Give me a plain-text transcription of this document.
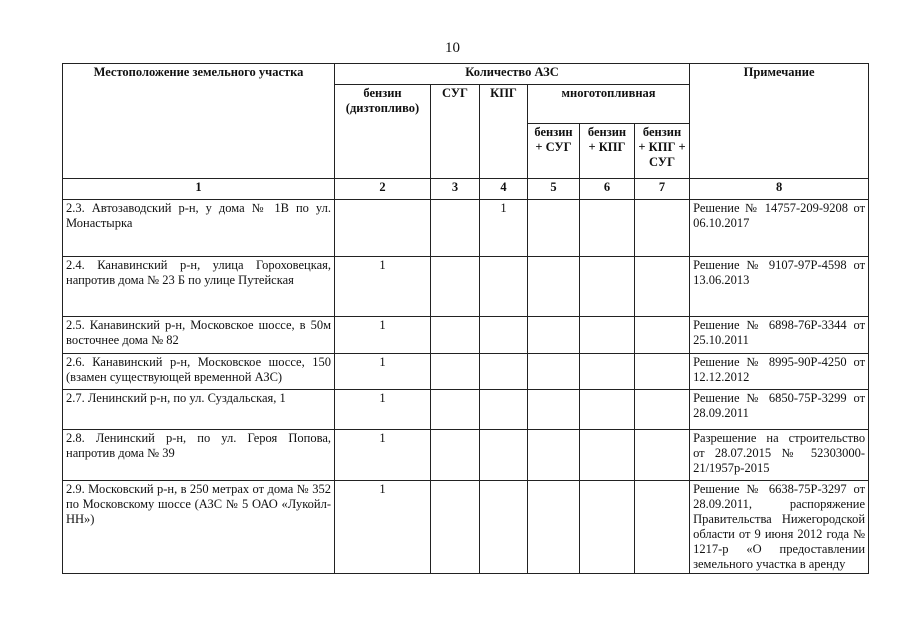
10
Местоположение земельного участка	Количество АЗС						Примечание
	бензин (дизтопливо)	СУГ	КПГ	многотопливная			
				бензин + СУГ	бензин + КПГ	бензин + КПГ + СУГ	
1	2	3	4	5	6	7	8
2.3. Автозаводский р-н, у дома № 1В по ул. Монастырка			1				Решение № 14757-209-9208 от 06.10.2017
2.4. Канавинский р-н, улица Гороховецкая, напротив дома № 23 Б по улице Путейская	1						Решение № 9107-97Р-4598 от 13.06.2013
2.5. Канавинский р-н, Московское шоссе, в 50м восточнее дома № 82	1						Решение № 6898-76Р-3344 от 25.10.2011
2.6. Канавинский р-н, Московское шоссе, 150 (взамен существующей временной АЗС)	1						Решение № 8995-90Р-4250 от 12.12.2012
2.7. Ленинский р-н, по ул. Суздальская, 1	1						Решение № 6850-75Р-3299 от 28.09.2011
2.8. Ленинский р-н, по ул. Героя Попова, напротив дома № 39	1						Разрешение на строительство от 28.07.2015 № 52303000-21/1957р-2015
2.9. Московский р-н, в 250 метрах от дома № 352 по Московскому шоссе (АЗС № 5 ОАО «Лукойл-НН»)	1						Решение № 6638-75Р-3297 от 28.09.2011, распоряжение Правительства Нижегородской области от 9 июня 2012 года № 1217-р «О предоставлении земельного участка в аренду
